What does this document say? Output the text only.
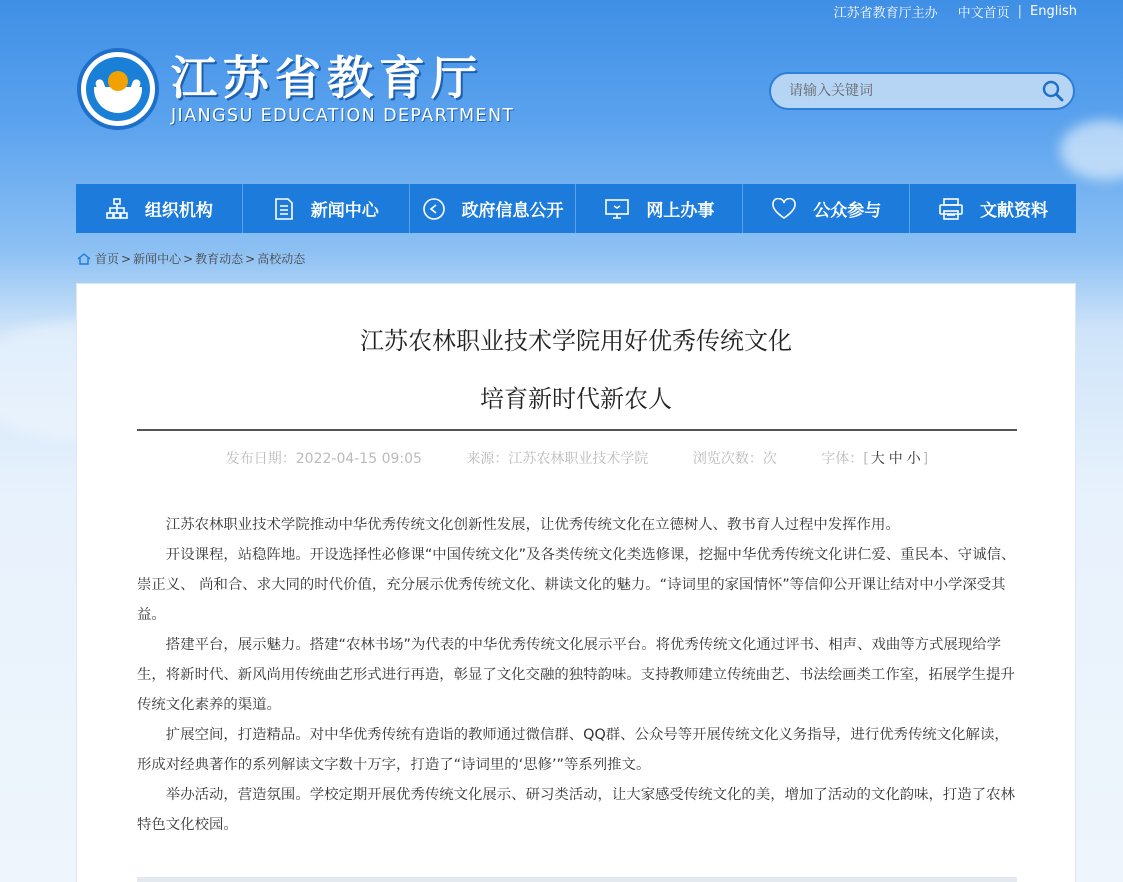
江苏省教育厅主办 中文首页 | English
江苏省教育厅
JIANGSU EDUCATION DEPARTMENT
请输入关键词
组织机构	新闻中心	政府信息公开	网上办事	公众参与	文献资料
首页 > 新闻中心 > 教育动态 > 高校动态
江苏农林职业技术学院用好优秀传统文化
培育新时代新农人
发布日期：2022-04-15 09:05	来源：江苏农林职业技术学院	浏览次数：次	字体：[ 大 中 小 ]

江苏农林职业技术学院推动中华优秀传统文化创新性发展，让优秀传统文化在立德树人、教书育人过程中发挥作用。

开设课程，站稳阵地。开设选择性必修课“中国传统文化”及各类传统文化类选修课，挖掘中华优秀传统文化讲仁爱、重民本、守诚信、崇正义、 尚和合、求大同的时代价值，充分展示优秀传统文化、耕读文化的魅力。“诗词里的家国情怀”等信仰公开课让结对中小学深受其益。

搭建平台，展示魅力。搭建“农林书场”为代表的中华优秀传统文化展示平台。将优秀传统文化通过评书、相声、戏曲等方式展现给学生，将新时代、新风尚用传统曲艺形式进行再造，彰显了文化交融的独特韵味。支持教师建立传统曲艺、书法绘画类工作室，拓展学生提升传统文化素养的渠道。

扩展空间，打造精品。对中华优秀传统有造诣的教师通过微信群、QQ群、公众号等开展传统文化义务指导，进行优秀传统文化解读，形成对经典著作的系列解读文字数十万字，打造了“诗词里的‘思修’”等系列推文。

举办活动，营造氛围。学校定期开展优秀传统文化展示、研习类活动，让大家感受传统文化的美，增加了活动的文化韵味，打造了农林特色文化校园。
